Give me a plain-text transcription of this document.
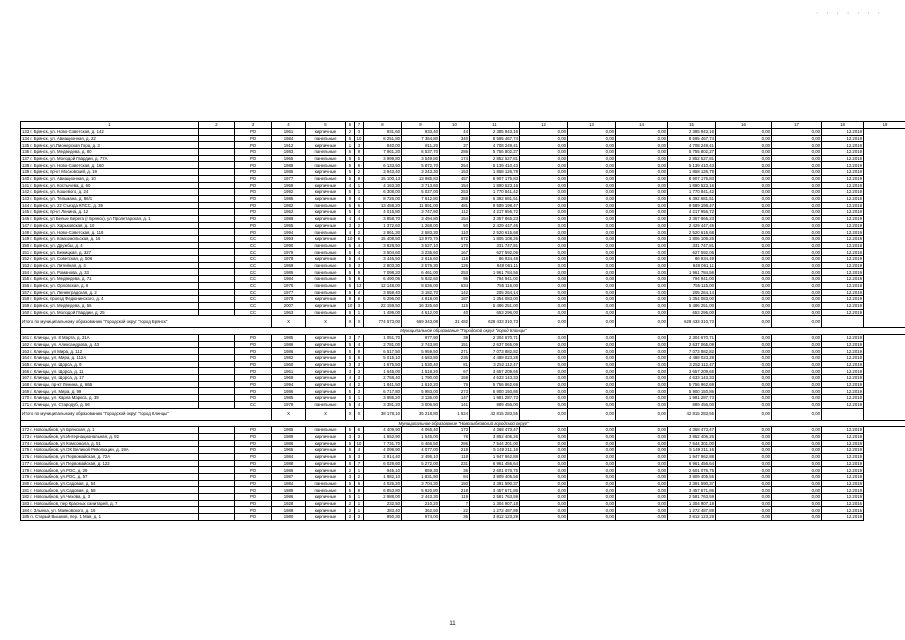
· · · · · · ·
1	2	3	4	5	6	7	8	9	10	11	12	13	14	15	16	17	18	19
133 г. Брянск, ул. Ново-Советская, д. 142		РО	1961	кирпичные	2	3	931,60	933,40	44	2 385 943,16	0,00	0,00	0,00	2 385 943,16	0,00	0,00	12.2019	
134 г. Брянск, ул. Авиационная, д. 22		РО	1984	панельные	5	10	8 251,80	7 364,80	340	8 595 467,74	0,00	0,00	0,00	8 595 467,74	0,00	0,00	12.2019	
135 г. Брянск, ул.Пионерская Гора, д. 3		РО	1912	кирпичные	1	3	840,00	811,20	37	4 708 249,41	0,00	0,00	0,00	4 708 249,41	0,00	0,00	12.2019	
136 г. Брянск, ул. Медведева, д. 80		РО	1983	панельные	5	9	7 961,20	6 537,70	286	5 755 802,27	0,00	0,00	0,00	5 755 802,27	0,00	0,00	12.2019	
137 г. Брянск, ул. Молодой Гвардии, д. 77А		РО	1965	панельные	5	5	3 999,80	3 549,80	174	2 852 527,81	0,00	0,00	0,00	2 852 527,81	0,00	0,00	12.2019	
138 г. Брянск, ул. Ново-Советская, д. 160		РО	1989	панельные	5	8	6 133,50	5 872,70	254	5 139 410,43	0,00	0,00	0,00	5 139 410,43	0,00	0,00	12.2019	
139 г. Брянск, пр-кт Московский, д. 19		РО	1985	кирпичные	5	2	3 943,40	3 243,30	153	1 858 126,79	0,00	0,00	0,00	1 858 126,79	0,00	0,00	12.2019	
140 г. Брянск, ул. Авиационная, д. 10		РО	1977	панельные	5	9	15 100,13	13 985,83	457	8 907 175,83	0,00	0,00	0,00	8 907 175,83	0,00	0,00	12.2019	
141 г. Брянск, ул. Костычева, д. 60		РО	1959	кирпичные	4	1	4 163,30	3 713,60	154	1 890 523,16	0,00	0,00	0,00	1 890 523,16	0,00	0,00	12.2019	
142 г. Брянск, ул. Кошевого, д. 24		РО	1992	кирпичные	5	1	6 308,00	5 027,00	253	1 770 841,42	0,00	0,00	0,00	1 770 841,42	0,00	0,00	12.2019	
143 г. Брянск, ул. Тельмана, д. 86/1		РО	1985	кирпичные	9	4	8 726,00	7 812,80	388	6 392 681,51	0,00	0,00	0,00	6 392 681,51	0,00	0,00	12.2019	
144 г. Брянск, ул. 22 Съезда КПСС, д. 39		РО	1982	панельные	5	6	13 458,20	11 891,00	481	9 589 198,47	0,00	0,00	0,00	9 589 198,47	0,00	0,00	12.2019	
145 г. Брянск, пр-кт Ленина, д. 12		РО	1962	кирпичные	5	4	4 015,80	3 747,80	112	4 217 956,72	0,00	0,00	0,00	4 217 956,72	0,00	0,00	12.2019	
146 г. Брянск, ул Белые Берега (г Брянск), ул Пролетарская, д. 1		РО	1986	кирпичные	4	4	3 858,70	3 494,80	154	3 357 865,23	0,00	0,00	0,00	3 357 865,23	0,00	0,00	12.2019	
147 г. Брянск, ул. Харьковская, д. 10		РО	1955	кирпичные	3	2	1 372,60	1 268,00	50	2 429 447,45	0,00	0,00	0,00	2 429 447,45	0,00	0,00	12.2019	
148 г. Брянск, ул. Ново-Советская, д. 118		РО	1994	панельные	4	2	2 861,30	2 583,30	110	2 520 615,68	0,00	0,00	0,00	2 520 615,68	0,00	0,00	12.2019	
149 г. Брянск, ул. Комсомольская, д. 16		СС	1993	кирпичные	10	6	15 408,50	13 970,70	672	1 805 108,26	0,00	0,00	0,00	1 805 108,26	0,00	0,00	12.2019	
150 г. Брянск, ул. Дружбы, д. 4		СС	1990	панельные	5	4	3 828,50	3 527,10	170	331 747,81	0,00	0,00	0,00	331 747,81	0,00	0,00	12.2019	
151 г. Брянск, ул. Бежицкая, д. 327		СС	1979	панельные	5	4	3 504,60	3 235,60	167	627 592,06	0,00	0,00	0,00	627 592,06	0,00	0,00	12.2019	
152 г. Брянск, ул. Советская, д. 506		СС	1978	кирпичные	5	4	3 446,50	2 616,60	118	86 934,49	0,00	0,00	0,00	86 934,49	0,00	0,00	12.2019	
153 г. Брянск, ул. Литейная, д. 4		СС	1959	панельные	5	3	2 803,30	2 576,30	126	848 061,11	0,00	0,00	0,00	848 061,11	0,00	0,00	12.2019	
154 г. Брянск, ул. Романова, д. 33		СС	1985	панельные	5	9	7 098,20	6 461,00	253	1 961 784,56	0,00	0,00	0,00	1 961 784,56	0,00	0,00	12.2019	
155 г. Брянск, ул. Медведева, д. 71		СС	1984	панельные	5	8	6 490,06	5 832,60	96	794 941,00	0,00	0,00	0,00	794 941,00	0,00	0,00	12.2019	
156 г. Брянск, ул. Орловская, д. 6		СС	1976	панельные	5	12	12 148,00	8 636,00	534	755 115,00	0,00	0,00	0,00	755 115,00	0,00	0,00	12.2019	
157 г. Брянск, ул. Ленинградская, д. 2		СС	1977	панельные	5	4	3 558,40	3 182,70	142	205 264,14	0,00	0,00	0,00	205 264,14	0,00	0,00	12.2019	
158 г. Брянск, проезд Федюнинского, д. 4		СС	1978	кирпичные	9	6	5 296,00	4 818,00	187	1 354 083,00	0,00	0,00	0,00	1 354 083,00	0,00	0,00	12.2019	
159 г. Брянск, ул. Медведева, д. 56		СС	2007	кирпичные	10	3	22 159,50	16 325,60	115	5 486 251,00	0,00	0,00	0,00	5 486 251,00	0,00	0,00	12.2019	
160 г. Брянск, ул. Молодой Гвардии, д. 25		СС	1963	панельные	5	1	1 499,00	4 612,00	40	653 296,00	0,00	0,00	0,00	653 296,00	0,00	0,00	12.2019	
Итого по муниципальному образованию "Городской округ "город Брянск"			X	X	X	X	774 573,00	669 343,08	31 482	628 433 310,73	0,00	0,00	0,00	628 433 310,73	0,00	0,00		
Муниципальное образование "Городской округ "город Клинцы"																		
161 г. Клинцы, ул. 8 Марта, д. 31А		РО	1985	кирпичные	3	7	1 051,70	977,90	39	2 304 670,71	0,00	0,00	0,00	2 304 670,71	0,00	0,00	12.2019	
162 г. Клинцы, ул. Александрова, д. 43		РО	1986	кирпичные	5	4	2 781,00	2 743,80	151	2 637 065,09	0,00	0,00	0,00	2 637 065,09	0,00	0,00	12.2019	
163 г. Клинцы, ул Мира, д. 112		РО	1986	кирпичные	5	9	6 517,50	5 959,50	271	7 073 882,82	0,00	0,00	0,00	7 073 882,82	0,00	0,00	12.2019	
164 г. Клинцы, ул. Мира, д. 112А		РО	1982	кирпичные	5	6	5 015,10	4 583,80	236	4 488 023,28	0,00	0,00	0,00	4 488 023,28	0,00	0,00	12.2019	
165 г. Клинцы, ул. Щорса, д. 9		РО	1960	кирпичные	3	3	1 675,50	1 530,40	81	3 252 112,47	0,00	0,00	0,00	3 252 112,47	0,00	0,00	12.2019	
166 г. Клинцы, ул. Щорса, д. 11		РО	1961	кирпичные	3	3	1 645,00	1 518,20	67	3 657 209,65	0,00	0,00	0,00	3 657 209,65	0,00	0,00	12.2019	
167 г. Клинцы, ул. Щорса, д. 17		РО	1969	кирпичные	4	3	2 758,40	1 790,00	159	4 633 143,33	0,00	0,00	0,00	4 633 143,33	0,00	0,00	12.2019	
168 г. Клинцы, пр-кт Ленина, д. 66Б		РО	1994	кирпичные	4	2	1 841,50	1 610,20	79	5 756 962,69	0,00	0,00	0,00	5 756 962,69	0,00	0,00	12.2019	
169 г. Клинцы, ул. Мира, д. 99		РО	1986	кирпичные	5	3	6 717,80	5 983,00	273	5 900 150,86	0,00	0,00	0,00	5 900 150,86	0,00	0,00	12.2019	
170 г. Клинцы, ул. Карла Маркса, д. 39		РО	1985	кирпичные	5	1	3 985,20	3 135,00	147	1 981 287,73	0,00	0,00	0,00	1 981 287,73	0,00	0,00	12.2019	
171 г. Клинцы, ул. Стародуб, д. 56		СС	1978	панельные	5	4	3 381,20	3 006,80	141	889 456,00	0,00	0,00	0,00	889 456,00	0,00	0,00	12.2019	
Итого по муниципальному образованию "Городской округ "город Клинцы"			X	X	X	X	38 178,10	35 218,80	1 624	42 815 283,55	0,00	0,00	0,00	42 815 283,55	0,00	0,00		
Муниципальное образование "Новозыбковский городской округ"																		
172 г. Новозыбков, ул Брянская, д. 1		РО	1985	панельные	5	6	4 409,90	4 065,40	173	4 368 473,47	0,00	0,00	0,00	4 368 473,47	0,00	0,00	12.2019	
173 г. Новозыбков, ул.Интернациональная, д. 92		РО	1989	кирпичные	3	3	1 652,90	1 545,00	78	3 852 406,26	0,00	0,00	0,00	3 852 406,26	0,00	0,00	12.2019	
174 г. Новозыбков, ул Комсомола, д. 51		РО	1986	кирпичные	5	10	7 731,70	6 466,50	286	7 544 301,00	0,00	0,00	0,00	7 544 301,00	0,00	0,00	12.2019	
175 г. Новозыбков, ул.ОК Великой Революции, д. 19А		РО	1965	кирпичные	5	4	4 099,90	4 077,00	218	5 149 211,16	0,00	0,00	0,00	5 149 211,16	0,00	0,00	12.2019	
176 г. Новозыбков, ул Первомайская, д. 72А		РО	1984	кирпичные	5	3	2 914,40	2 495,10	118	1 947 962,88	0,00	0,00	0,00	1 947 962,88	0,00	0,00	12.2019	
177 г. Новозыбков, ул Первомайская, д. 122		РО	1988	кирпичные	5	7	6 029,60	5 272,00	231	6 961 456,64	0,00	0,00	0,00	6 961 456,64	0,00	0,00	12.2019	
178 г. Новозыбков, ул.РОС, д. 29		РО	1986	кирпичные	2	1	945,10	859,30	36	2 601 076,75	0,00	0,00	0,00	2 601 076,75	0,00	0,00	12.2019	
179 г. Новозыбков, ул.РОС, д. 57		РО	1987	кирпичные	3	2	1 882,10	1 831,80	84	3 809 405,55	0,00	0,00	0,00	3 809 405,55	0,00	0,00	12.2019	
180 г. Новозыбков, ул.Садовая, д. 54		РО	1984	панельные	5	6	4 026,20	3 704,30	150	3 391 590,37	0,00	0,00	0,00	3 391 590,37	0,00	0,00	12.2019	
181 г. Новозыбков, ул.Садовая, д. 58		РО	1989	панельные	5	8	6 853,80	5 820,80	218	3 457 671,86	0,00	0,00	0,00	3 457 671,86	0,00	0,00	12.2019	
182 г. Новозыбков, ул.Чехова, д. 3		РО	1986	кирпичные	5	1	2 988,00	2 443,30	119	2 581 763,59	0,00	0,00	0,00	2 581 763,59	0,00	0,00	12.2019	
183 г. Новозыбков, пер Красных санитарей, д. 7		РО	1928	кирпичные	2	1	232,50	210,20	7	1 304 907,18	0,00	0,00	0,00	1 304 907,18	0,00	0,00	12.2016	
184 г. Злынка, ул. Маяковского, д. 16		РО	1988	кирпичные	2	1	383,40	362,50	22	1 272 487,89	0,00	0,00	0,00	1 272 487,89	0,00	0,00	12.2016	
185 п. Старый Вышков, пер. 1 Мая, д. 1		РО	1980	кирпичные	2	3	950,30	974,00	35	3 812 123,29	0,00	0,00	0,00	3 812 123,29	0,00	0,00	12.2019	
11
